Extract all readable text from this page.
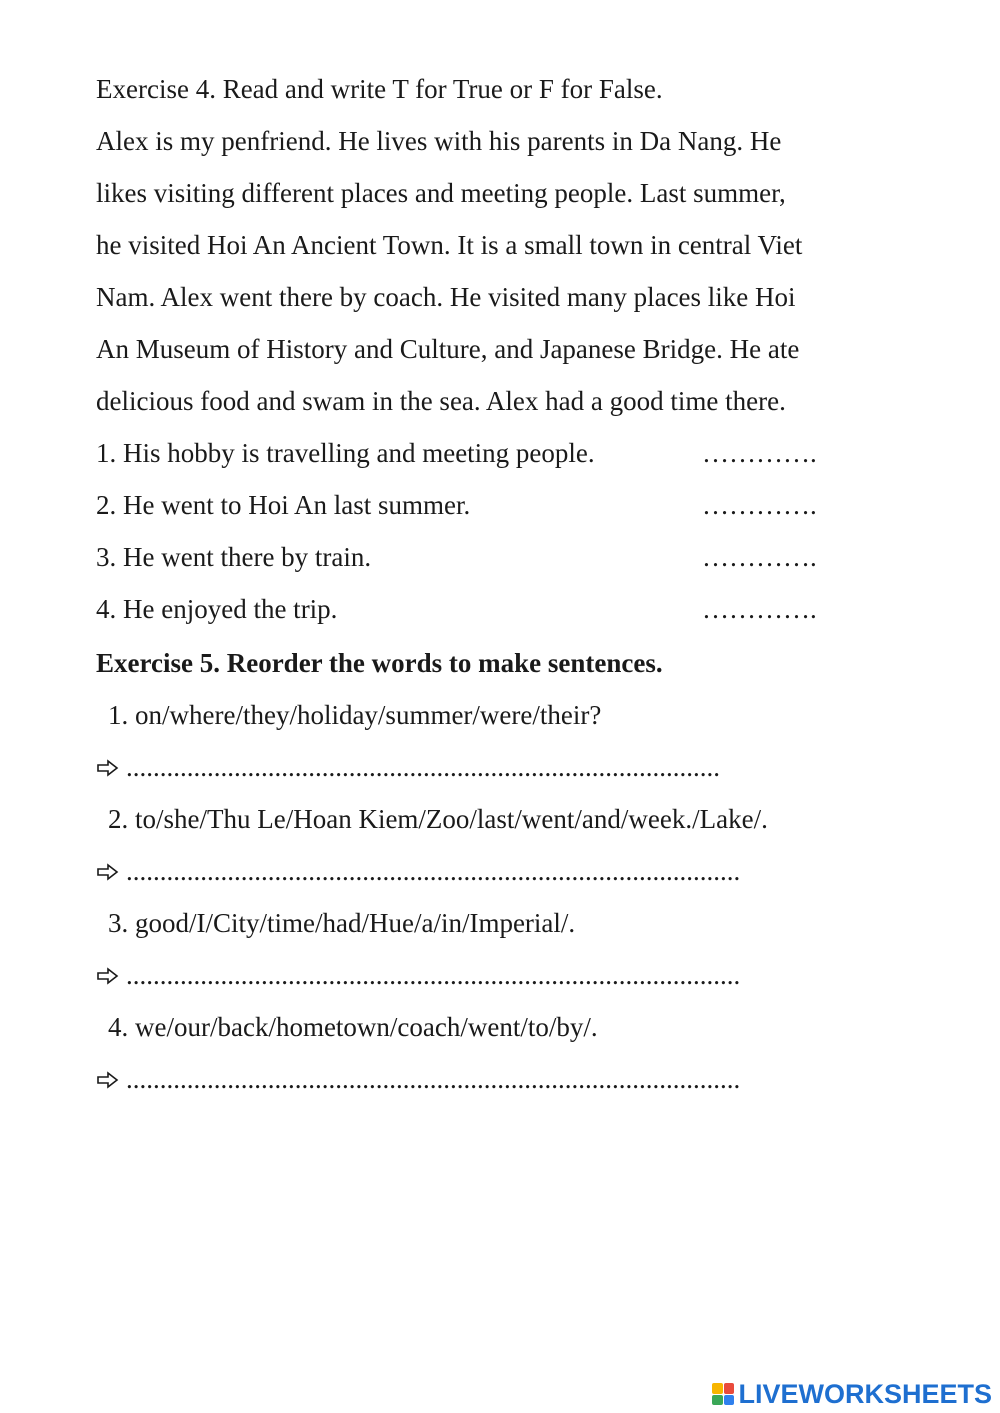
Exercise 4. Read and write T for True or F for False.
Alex is my penfriend. He lives with his parents in Da Nang. He
likes visiting different places and meeting people. Last summer,
he visited Hoi An Ancient Town. It is a small town in central Viet
Nam. Alex went there by coach. He visited many places like Hoi
An Museum of History and Culture, and Japanese Bridge. He ate
delicious food and swam in the sea. Alex had a good time there.
1. His hobby is travelling and meeting people.	………….
2. He went to Hoi An last summer.	………….
3. He went there by train.	………….
4. He enjoyed the trip.	………….
Exercise 5. Reorder the words to make sentences.
1. on/where/they/holiday/summer/were/their?
........................................................................................
2. to/she/Thu Le/Hoan Kiem/Zoo/last/went/and/week./Lake/.
...........................................................................................
3. good/I/City/time/had/Hue/a/in/Imperial/.
...........................................................................................
4. we/our/back/hometown/coach/went/to/by/.
...........................................................................................
LIVEWORKSHEETS
